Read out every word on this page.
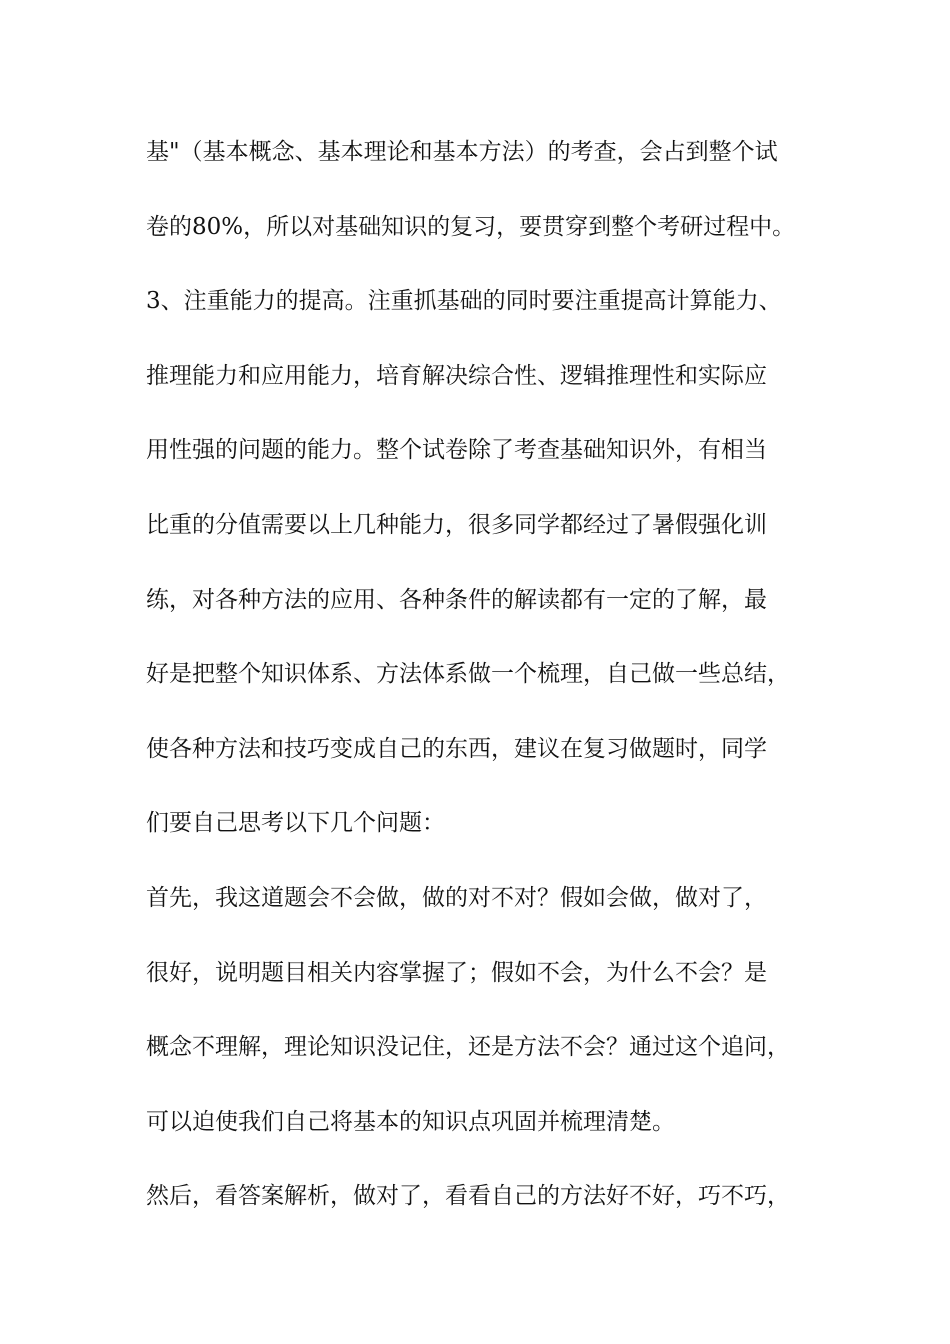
基"（基本概念、基本理论和基本方法）的考查，会占到整个试
卷的80%，所以对基础知识的复习，要贯穿到整个考研过程中。
3、注重能力的提高。注重抓基础的同时要注重提高计算能力、
推理能力和应用能力，培育解决综合性、逻辑推理性和实际应
用性强的问题的能力。整个试卷除了考查基础知识外，有相当
比重的分值需要以上几种能力，很多同学都经过了暑假强化训
练，对各种方法的应用、各种条件的解读都有一定的了解，最
好是把整个知识体系、方法体系做一个梳理，自己做一些总结，
使各种方法和技巧变成自己的东西，建议在复习做题时，同学
们要自己思考以下几个问题：
首先，我这道题会不会做，做的对不对？假如会做，做对了，
很好，说明题目相关内容掌握了；假如不会，为什么不会？是
概念不理解，理论知识没记住，还是方法不会？通过这个追问，
可以迫使我们自己将基本的知识点巩固并梳理清楚。
然后，看答案解析，做对了，看看自己的方法好不好，巧不巧，
